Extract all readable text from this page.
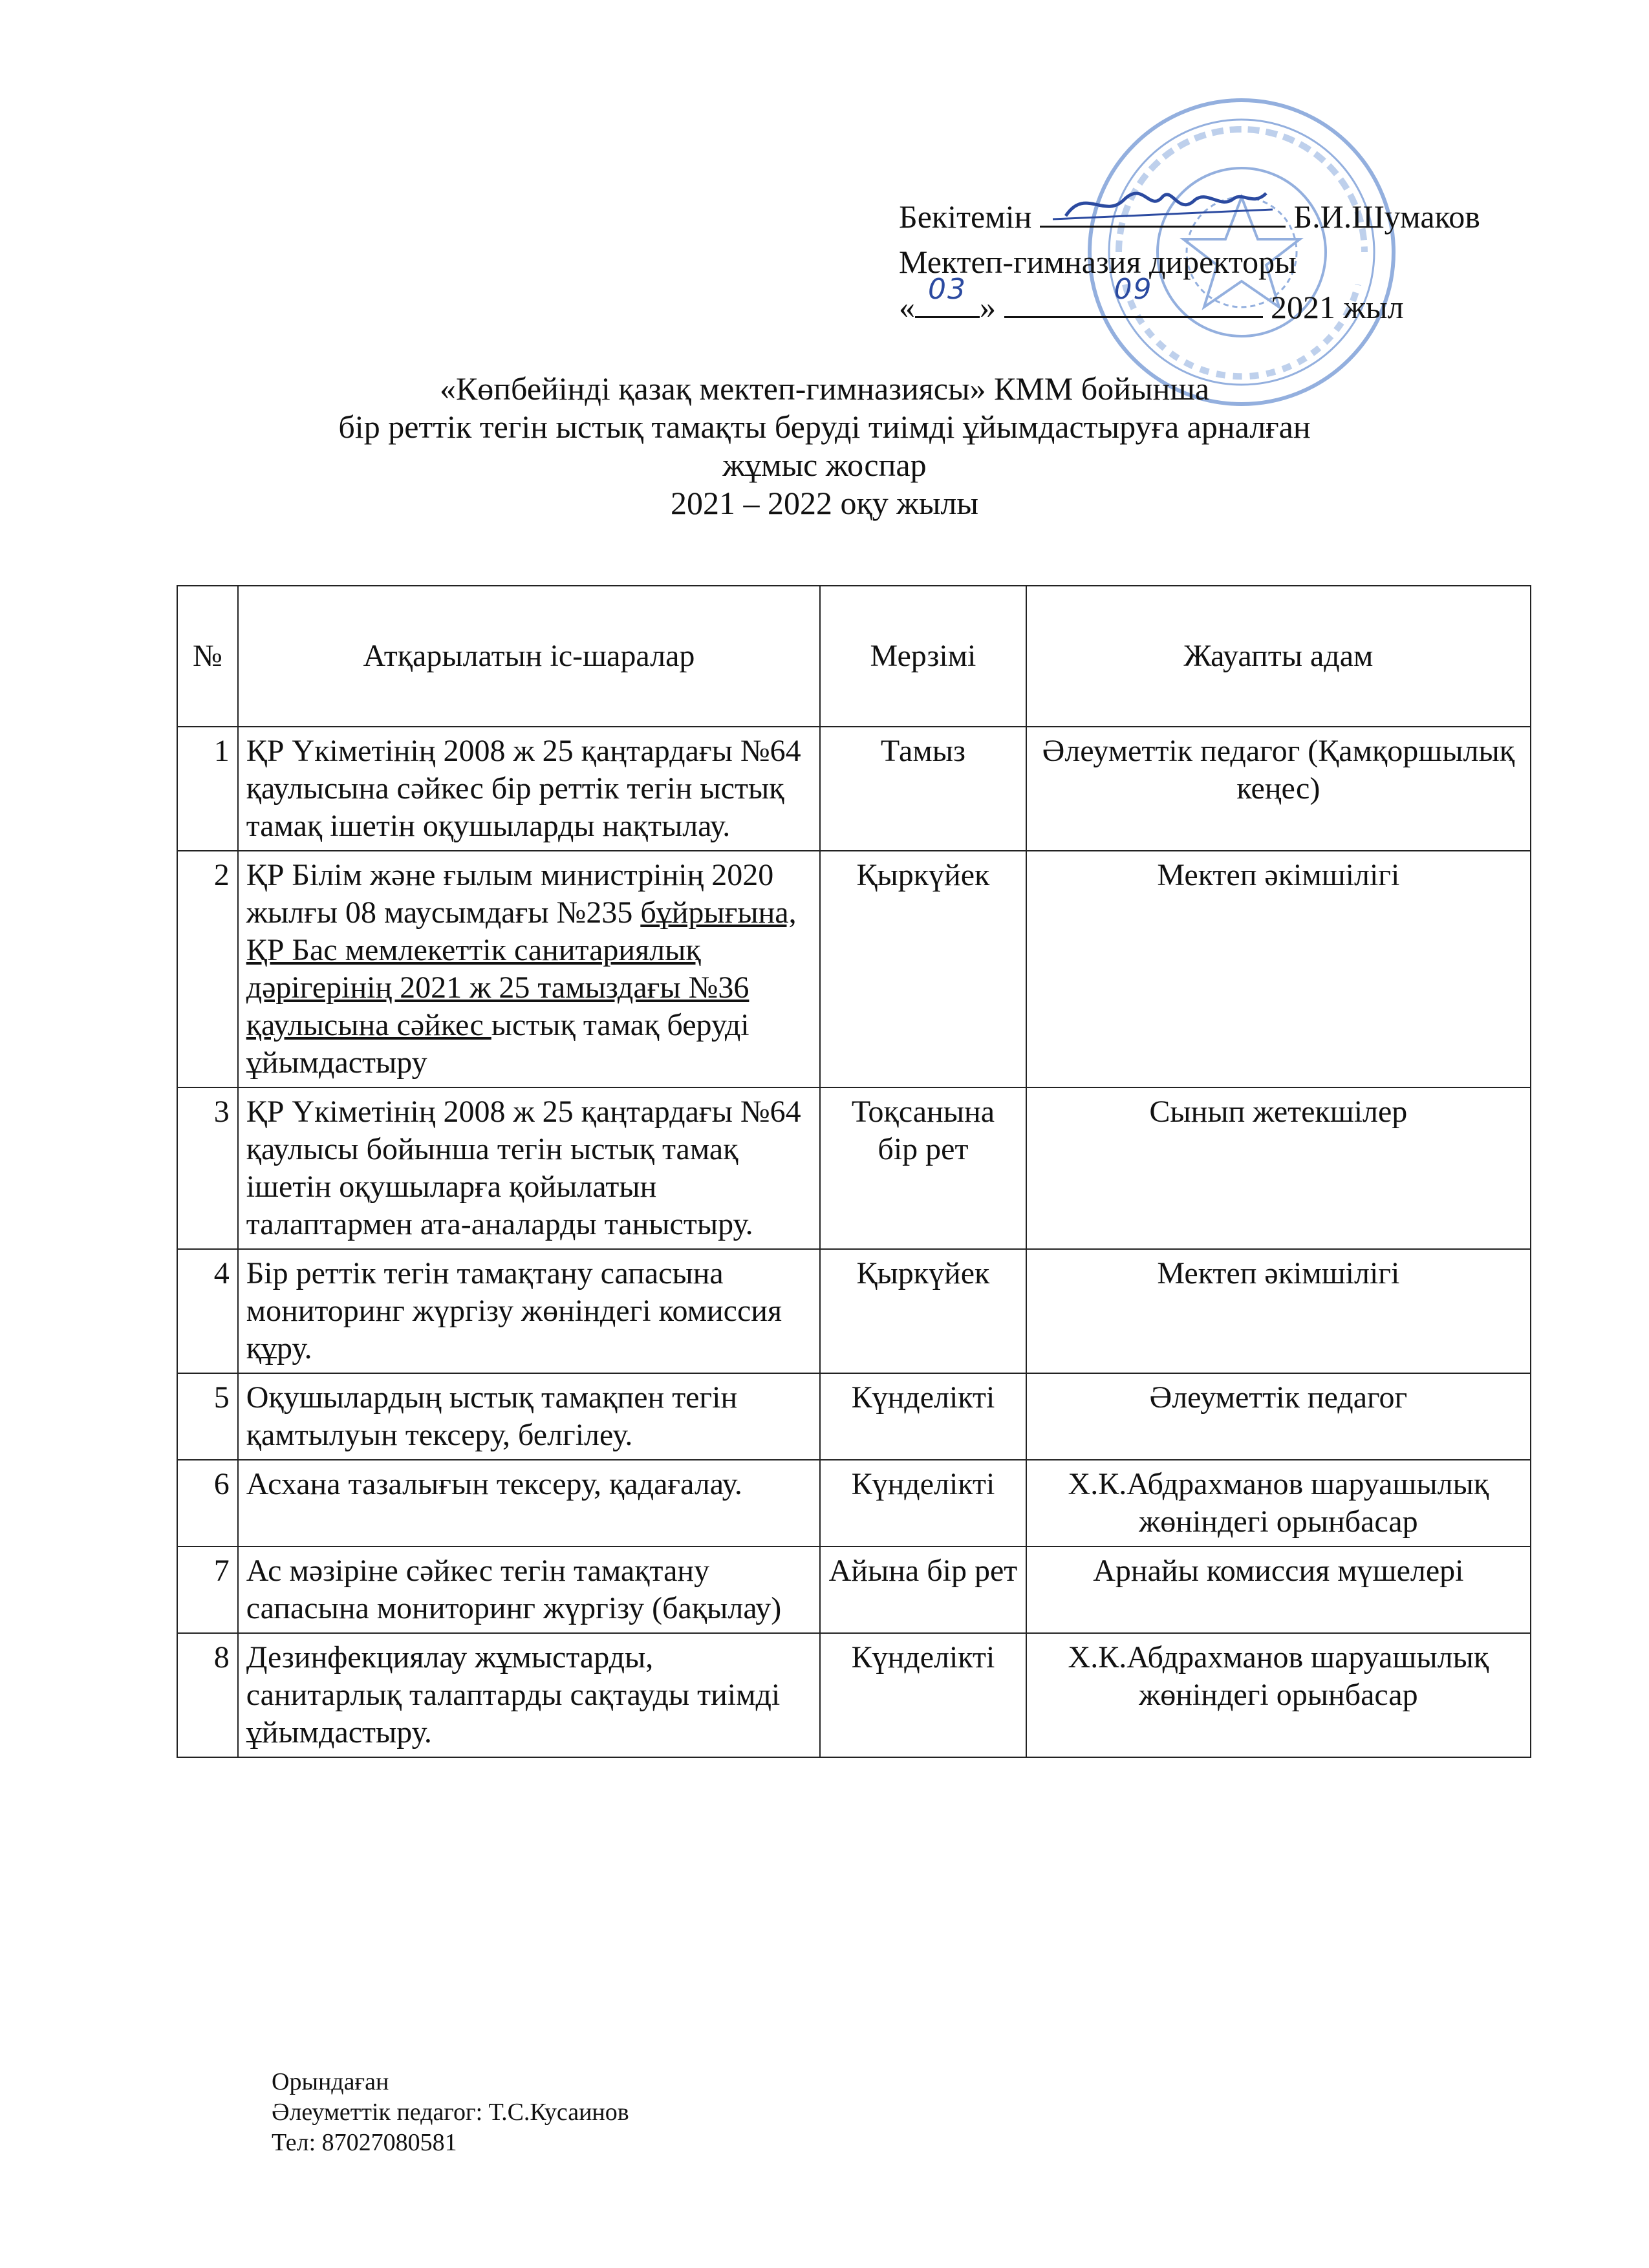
Бекітемін	Б.И.Шумаков
Мектеп-гимназия директоры
« 03 »	09	2021 жыл
«Көпбейінді қазақ мектеп-гимназиясы» КММ бойынша
бір реттік тегін ыстық тамақты беруді тиімді ұйымдастыруға арналған
жұмыс жоспар
2021 – 2022 оқу жылы
№	Атқарылатын іс-шаралар	Мерзімі	Жауапты адам
1	ҚР Үкіметінің 2008 ж 25 қаңтардағы №64 қаулысына сәйкес бір реттік тегін ыстық тамақ ішетін оқушыларды нақтылау.	Тамыз	Әлеуметтік педагог (Қамқоршылық кеңес)
2	ҚР Білім және ғылым министрінің 2020 жылғы 08 маусымдағы №235 бұйрығына, ҚР Бас мемлекеттік санитариялық дәрігерінің 2021 ж 25 тамыздағы №36 қаулысына сәйкес ыстық тамақ беруді ұйымдастыру	Қыркүйек	Мектеп әкімшілігі
3	ҚР Үкіметінің 2008 ж 25 қаңтардағы №64 қаулысы бойынша тегін ыстық тамақ ішетін оқушыларға қойылатын талаптармен ата-аналарды таныстыру.	Тоқсанына бір рет	Сынып жетекшілер
4	Бір реттік тегін тамақтану сапасына мониторинг жүргізу жөніндегі комиссия құру.	Қыркүйек	Мектеп әкімшілігі
5	Оқушылардың ыстық тамақпен тегін қамтылуын тексеру, белгілеу.	Күнделікті	Әлеуметтік педагог
6	Асхана тазалығын тексеру, қадағалау.	Күнделікті	Х.К.Абдрахманов шаруашылық жөніндегі орынбасар
7	Ас мәзіріне сәйкес тегін тамақтану сапасына мониторинг жүргізу (бақылау)	Айына бір рет	Арнайы комиссия мүшелері
8	Дезинфекциялау жұмыстарды, санитарлық талаптарды сақтауды тиімді ұйымдастыру.	Күнделікті	Х.К.Абдрахманов шаруашылық жөніндегі орынбасар
Орындаған
Әлеуметтік педагог: Т.С.Кусаинов
Тел: 87027080581
